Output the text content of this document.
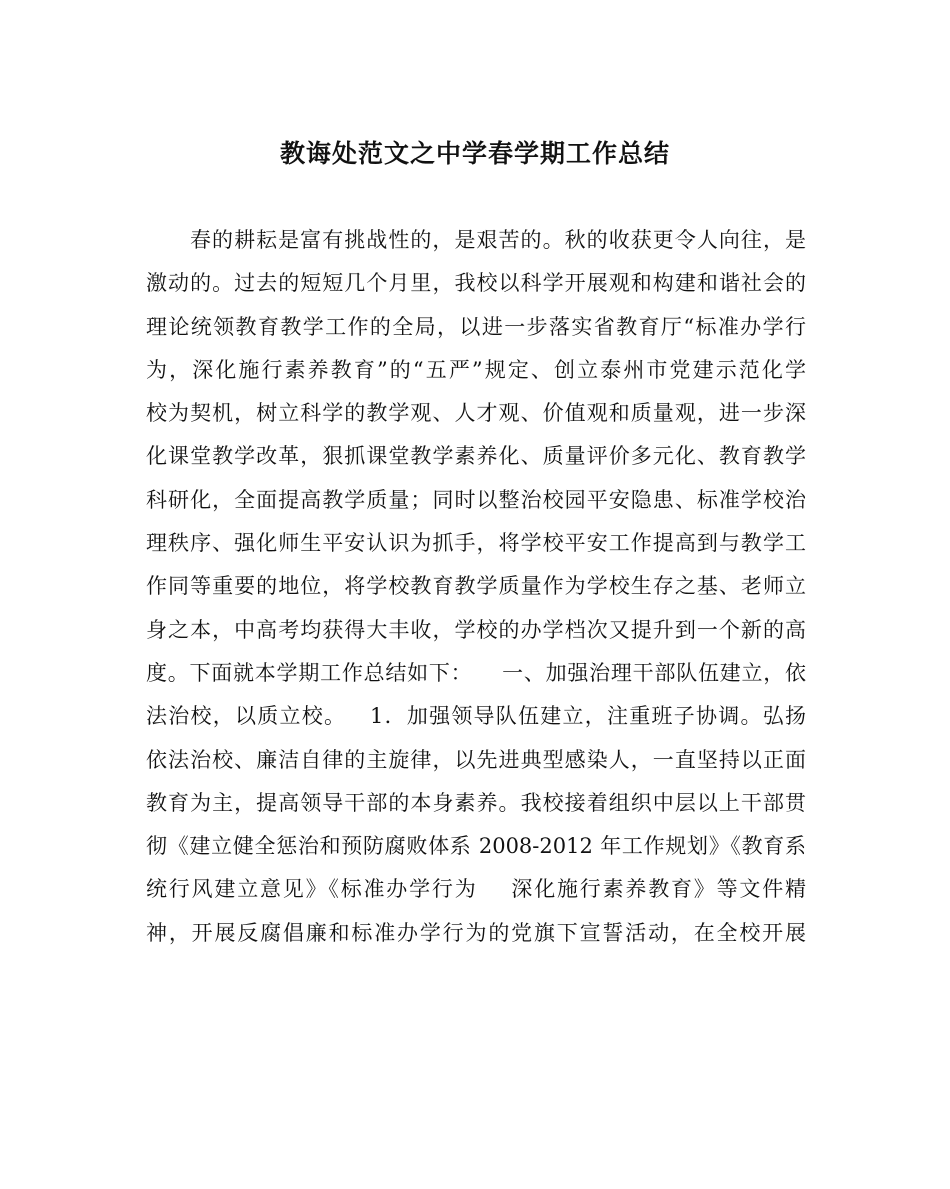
教诲处范文之中学春学期工作总结
春的耕耘是富有挑战性的，是艰苦的。秋的收获更令人向往，是
激动的。过去的短短几个月里，我校以科学开展观和构建和谐社会的
理论统领教育教学工作的全局，以进一步落实省教育厅“标准办学行
为，深化施行素养教育”的“五严”规定、创立泰州市党建示范化学
校为契机，树立科学的教学观、人才观、价值观和质量观，进一步深
化课堂教学改革，狠抓课堂教学素养化、质量评价多元化、教育教学
科研化，全面提高教学质量；同时以整治校园平安隐患、标准学校治
理秩序、强化师生平安认识为抓手，将学校平安工作提高到与教学工
作同等重要的地位，将学校教育教学质量作为学校生存之基、老师立
身之本，中高考均获得大丰收，学校的办学档次又提升到一个新的高
度。下面就本学期工作总结如下：    一、加强治理干部队伍建立，依
法治校，以质立校。   1．加强领导队伍建立，注重班子协调。弘扬
依法治校、廉洁自律的主旋律，以先进典型感染人，一直坚持以正面
教育为主，提高领导干部的本身素养。我校接着组织中层以上干部贯
彻《建立健全惩治和预防腐败体系 2008-2012 年工作规划》《教育系
统行风建立意见》《标准办学行为    深化施行素养教育》等文件精
神，开展反腐倡廉和标准办学行为的党旗下宣誓活动，在全校开展
